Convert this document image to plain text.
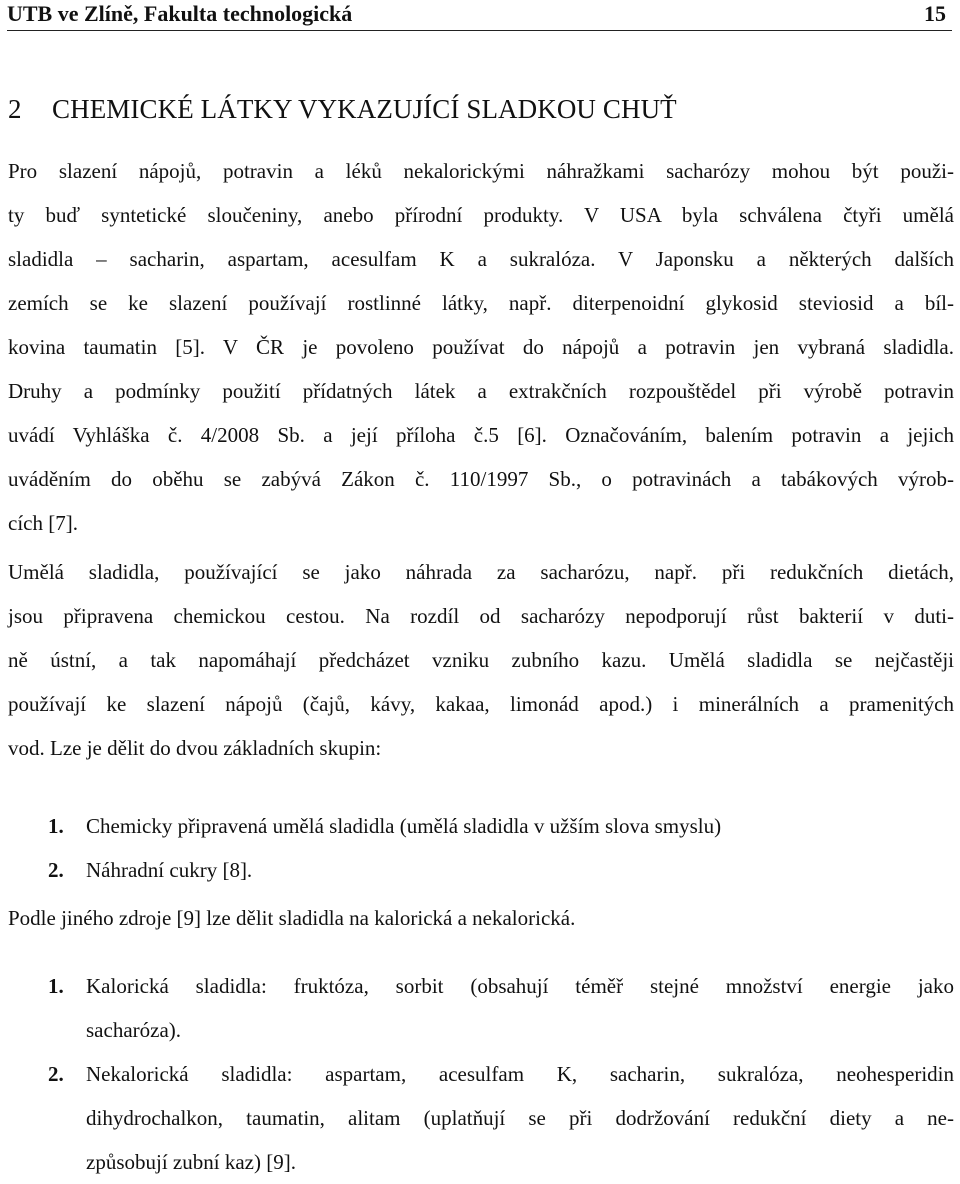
UTB ve Zlíně, Fakulta technologická	15
2 CHEMICKÉ LÁTKY VYKAZUJÍCÍ SLADKOU CHUŤ
Pro slazení nápojů, potravin a léků nekalorickými náhražkami sacharózy mohou být použi-
ty buď syntetické sloučeniny, anebo přírodní produkty. V USA byla schválena čtyři umělá
sladidla – sacharin, aspartam, acesulfam K a sukralóza. V Japonsku a některých dalších
zemích se ke slazení používají rostlinné látky, např. diterpenoidní glykosid steviosid a bíl-
kovina taumatin [5]. V ČR je povoleno používat do nápojů a potravin jen vybraná sladidla.
Druhy a podmínky použití přídatných látek a extrakčních rozpouštědel při výrobě potravin
uvádí Vyhláška č. 4/2008 Sb. a její příloha č.5 [6]. Označováním, balením potravin a jejich
uváděním do oběhu se zabývá Zákon č. 110/1997 Sb., o potravinách a tabákových výrob-
cích [7].
Umělá sladidla, používající se jako náhrada za sacharózu, např. při redukčních dietách,
jsou připravena chemickou cestou. Na rozdíl od sacharózy nepodporují růst bakterií v duti-
ně ústní, a tak napomáhají předcházet vzniku zubního kazu. Umělá sladidla se nejčastěji
používají ke slazení nápojů (čajů, kávy, kakaa, limonád apod.) i minerálních a pramenitých
vod. Lze je dělit do dvou základních skupin:
1. Chemicky připravená umělá sladidla (umělá sladidla v užším slova smyslu)
2. Náhradní cukry [8].
Podle jiného zdroje [9] lze dělit sladidla na kalorická a nekalorická.
1. Kalorická sladidla: fruktóza, sorbit (obsahují téměř stejné množství energie jako
sacharóza).
2. Nekalorická sladidla: aspartam, acesulfam K, sacharin, sukralóza, neohesperidin
dihydrochalkon, taumatin, alitam (uplatňují se při dodržování redukční diety a ne-
způsobují zubní kaz) [9].
